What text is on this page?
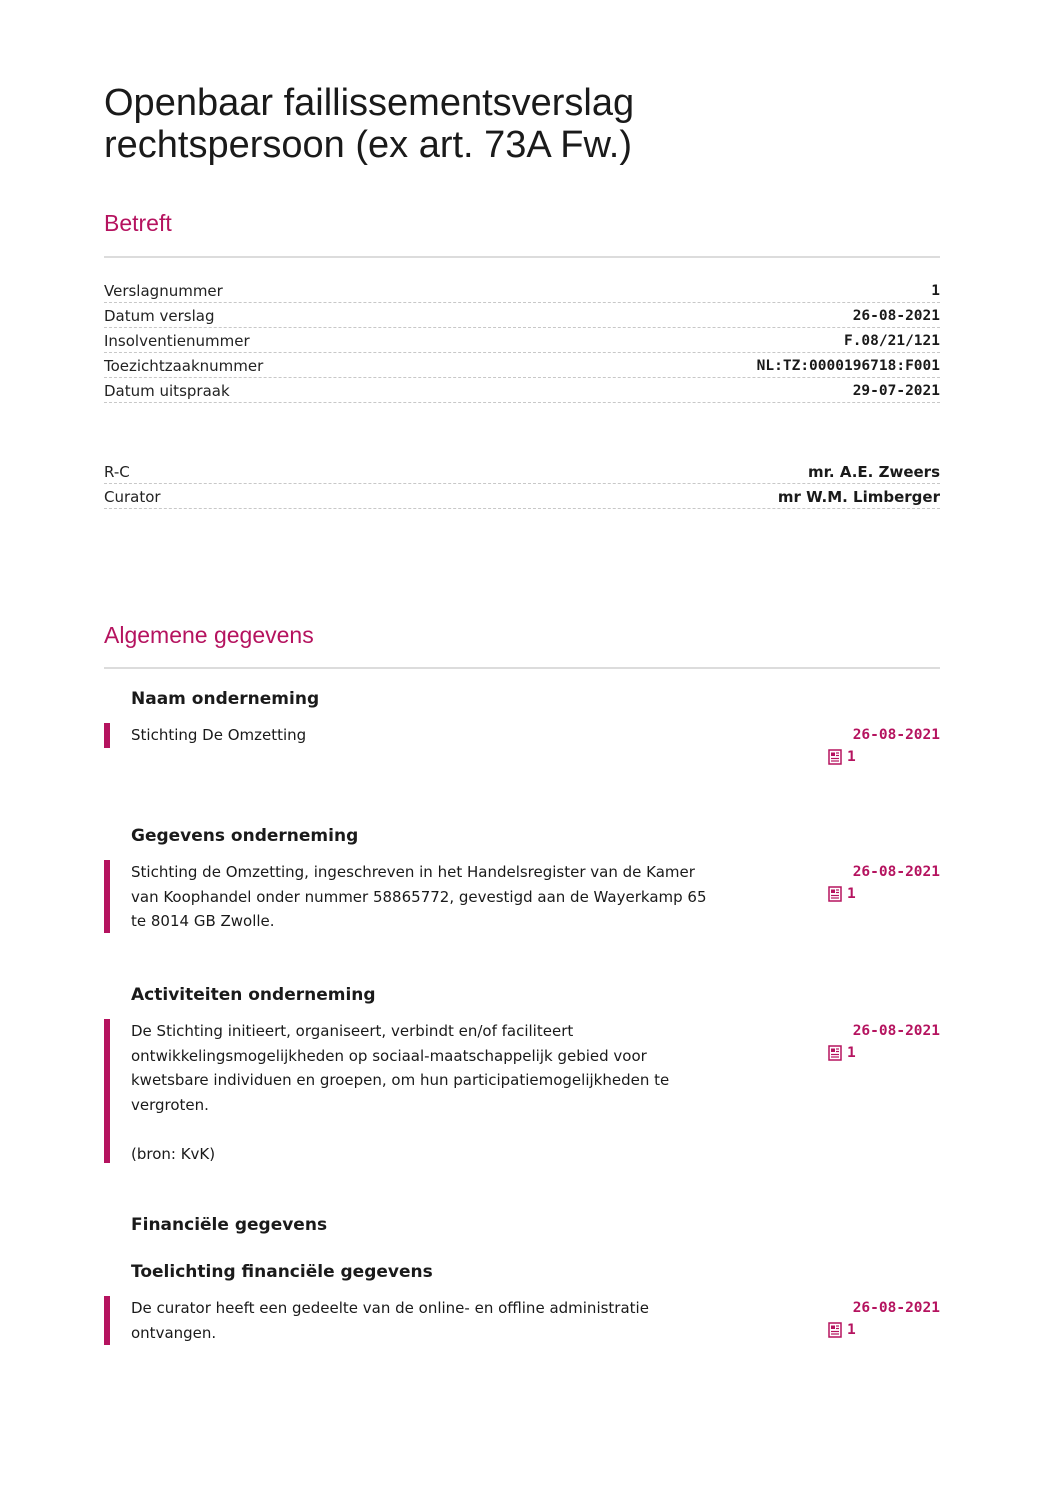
Openbaar faillissementsverslag
rechtspersoon (ex art. 73A Fw.)
Betreft
Verslagnummer	1
Datum verslag	26-08-2021
Insolventienummer	F.08/21/121
Toezichtzaaknummer	NL:TZ:0000196718:F001
Datum uitspraak	29-07-2021
R-C	mr. A.E. Zweers
Curator	mr W.M. Limberger
Algemene gegevens
Naam onderneming
Stichting De Omzetting	26-08-2021
1
Gegevens onderneming
Stichting de Omzetting, ingeschreven in het Handelsregister van de Kamer
van Koophandel onder nummer 58865772, gevestigd aan de Wayerkamp 65
te 8014 GB Zwolle.
26-08-2021
1
Activiteiten onderneming
De Stichting initieert, organiseert, verbindt en/of faciliteert
ontwikkelingsmogelijkheden op sociaal-maatschappelijk gebied voor
kwetsbare individuen en groepen, om hun participatiemogelijkheden te
vergroten.

(bron: KvK)
26-08-2021
1
Financiële gegevens
Toelichting financiële gegevens
De curator heeft een gedeelte van de online- en offline administratie
ontvangen.
26-08-2021
1
